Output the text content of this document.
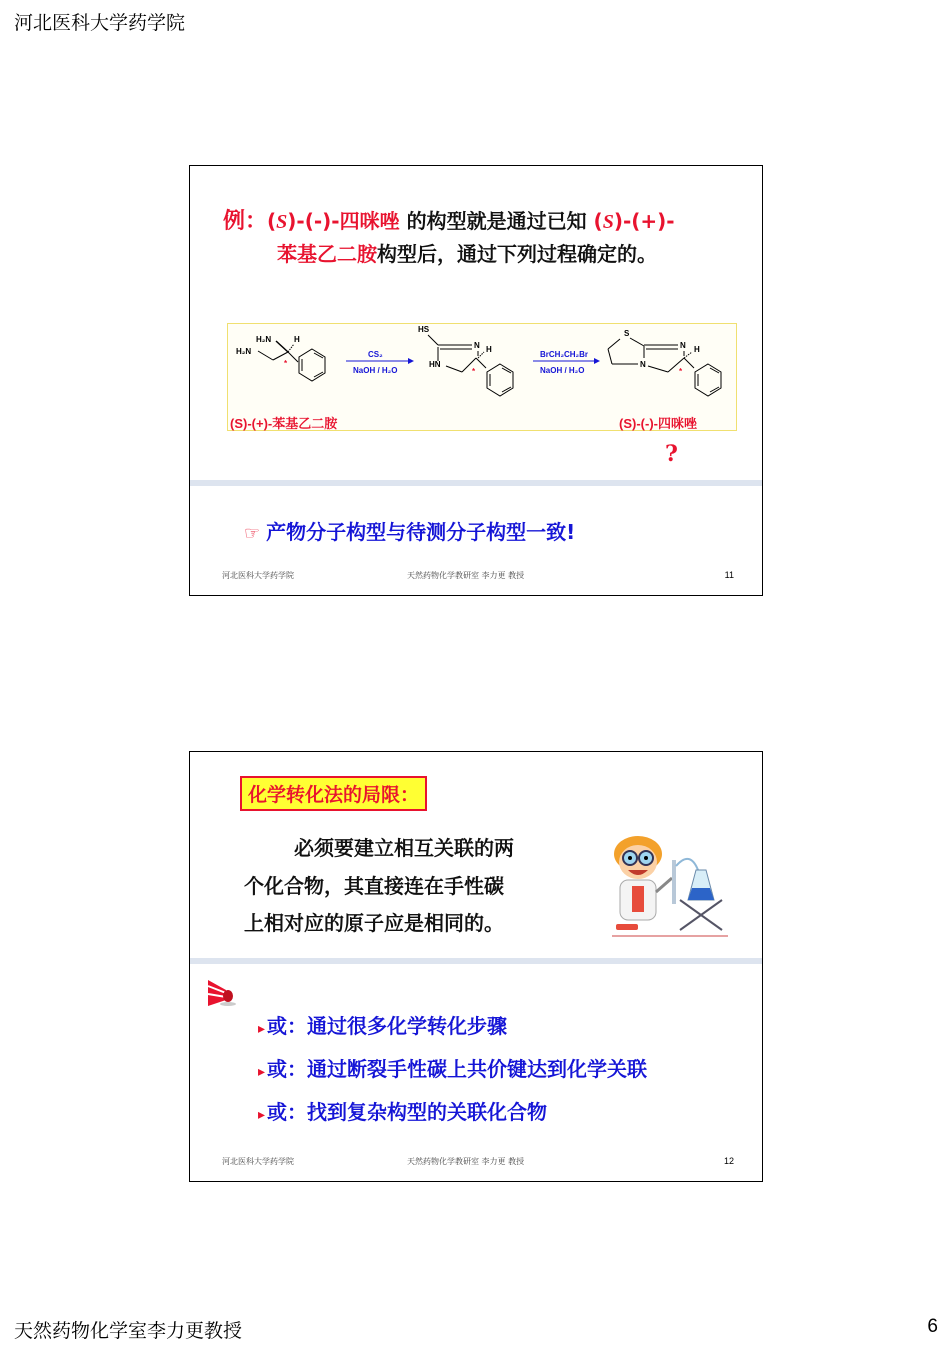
河北医科大学药学院
例：(S)-(-)-四咪唑 的构型就是通过已知 (S)-(+)-
苯基乙二胺构型后，通过下列过程确定的。
H₂N
H₂N
H
*
CS₂
NaOH / H₂O
HS
N H
HN
*
BrCH₂CH₂Br
NaOH / H₂O
S
N H
N
*
(S)-(+)-苯基乙二胺	(S)-(-)-四咪唑
?
☞ 产物分子构型与待测分子构型一致!
河北医科大学药学院	天然药物化学教研室 李力更 教授	11
化学转化法的局限：
必须要建立相互关联的两
个化合物，其直接连在手性碳
上相对应的原子应是相同的。
▸ 或：通过很多化学转化步骤
▸ 或：通过断裂手性碳上共价键达到化学关联
▸ 或：找到复杂构型的关联化合物
河北医科大学药学院	天然药物化学教研室 李力更 教授	12
天然药物化学室李力更教授	6
